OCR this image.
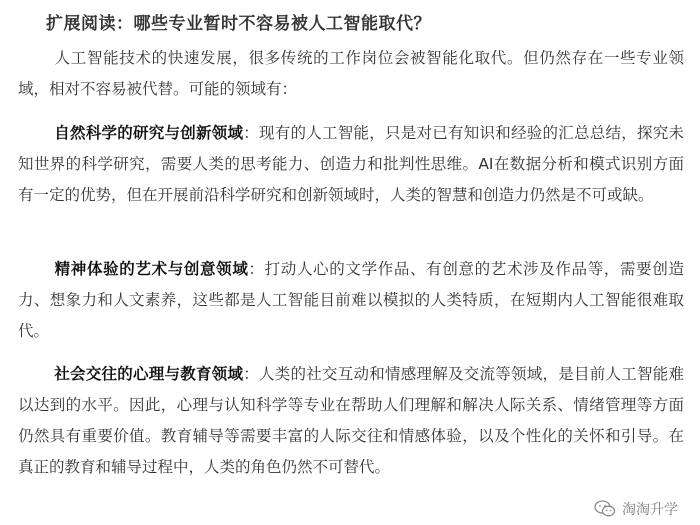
扩展阅读：哪些专业暂时不容易被人工智能取代？
人工智能技术的快速发展，很多传统的工作岗位会被智能化取代。但仍然存在一些专业领域，相对不容易被代替。可能的领域有：
自然科学的研究与创新领域：现有的人工智能，只是对已有知识和经验的汇总总结，探究未知世界的科学研究，需要人类的思考能力、创造力和批判性思维。AI在数据分析和模式识别方面有一定的优势，但在开展前沿科学研究和创新领域时，人类的智慧和创造力仍然是不可或缺。
精神体验的艺术与创意领域：打动人心的文学作品、有创意的艺术涉及作品等，需要创造力、想象力和人文素养，这些都是人工智能目前难以模拟的人类特质，在短期内人工智能很难取代。
社会交往的心理与教育领域：人类的社交互动和情感理解及交流等领域，是目前人工智能难以达到的水平。因此，心理与认知科学等专业在帮助人们理解和解决人际关系、情绪管理等方面仍然具有重要价值。教育辅导等需要丰富的人际交往和情感体验，以及个性化的关怀和引导。在真正的教育和辅导过程中，人类的角色仍然不可替代。
淘淘升学
